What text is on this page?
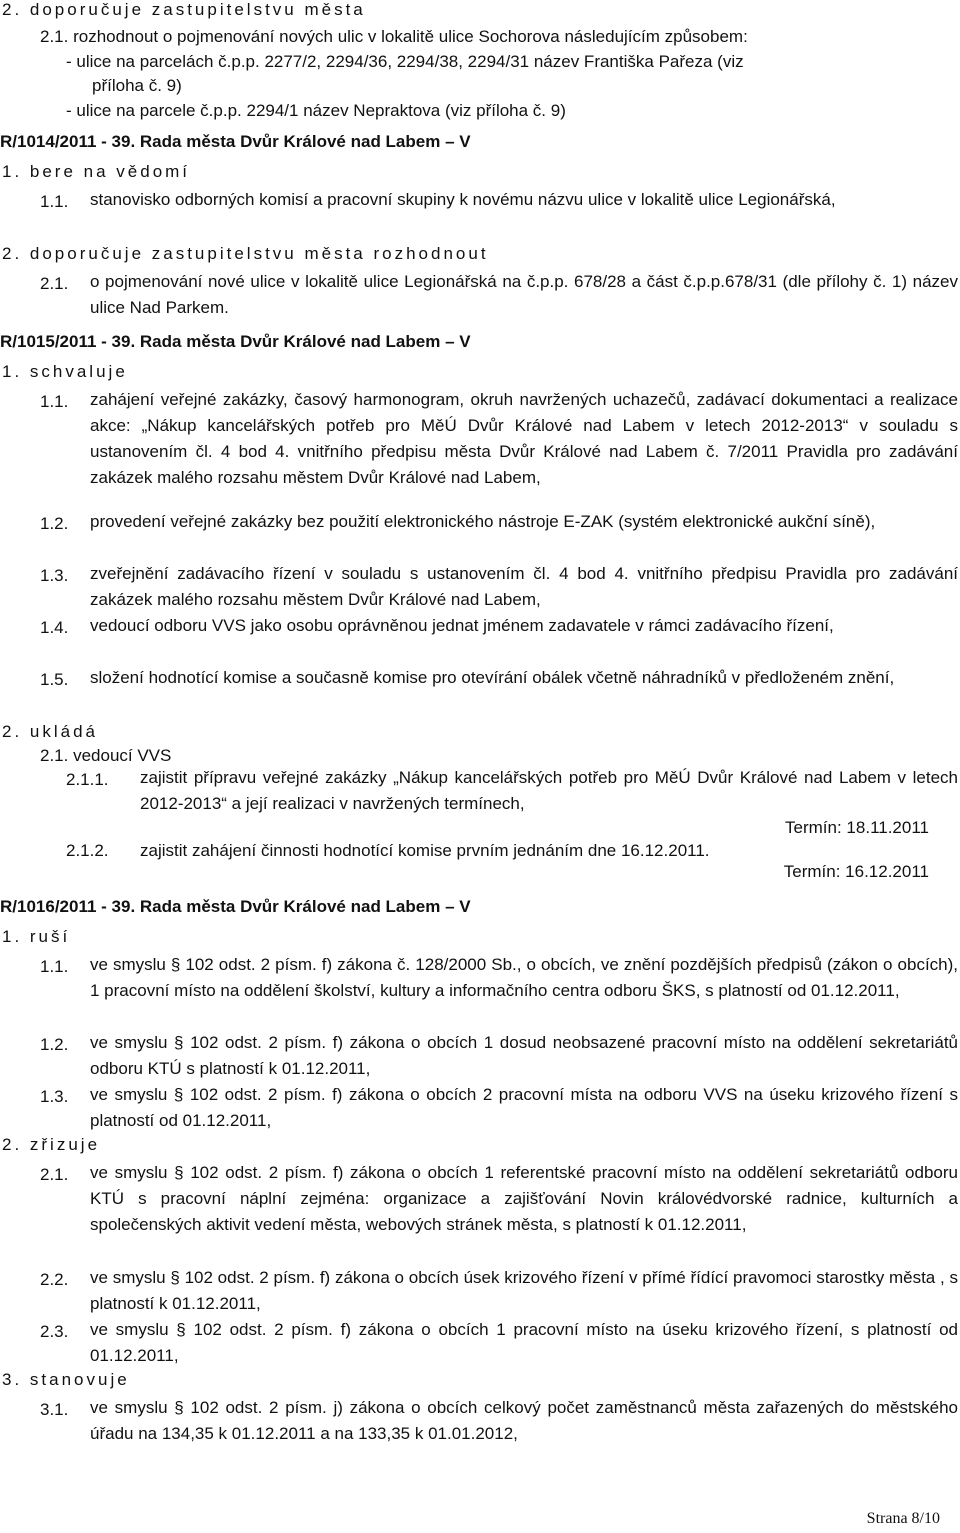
2. doporučuje zastupitelstvu města
2.1. rozhodnout o pojmenování nových ulic v lokalitě ulice Sochorova následujícím způsobem:
- ulice na parcelách č.p.p. 2277/2, 2294/36, 2294/38, 2294/31 název Františka Pařeza (viz
příloha č. 9)
- ulice na parcele č.p.p. 2294/1 název Nepraktova (viz příloha č. 9)
R/1014/2011 - 39. Rada města Dvůr Králové nad Labem – V
1. bere na vědomí
1.1. stanovisko odborných komisí a pracovní skupiny k novému názvu ulice v lokalitě ulice Legionářská,
2. doporučuje zastupitelstvu města rozhodnout
2.1. o pojmenování nové ulice v lokalitě ulice Legionářská na č.p.p. 678/28 a část č.p.p.678/31 (dle přílohy č. 1) název ulice Nad Parkem.
R/1015/2011 - 39. Rada města Dvůr Králové nad Labem – V
1. schvaluje
1.1. zahájení veřejné zakázky, časový harmonogram, okruh navržených uchazečů, zadávací dokumentaci a realizace akce: „Nákup kancelářských potřeb pro MěÚ Dvůr Králové nad Labem v letech 2012-2013“ v souladu s ustanovením čl. 4 bod 4. vnitřního předpisu města Dvůr Králové nad Labem č. 7/2011 Pravidla pro zadávání zakázek malého rozsahu městem Dvůr Králové nad Labem,
1.2. provedení veřejné zakázky bez použití elektronického nástroje E-ZAK (systém elektronické aukční síně),
1.3. zveřejnění zadávacího řízení v souladu s ustanovením čl. 4 bod 4. vnitřního předpisu Pravidla pro zadávání zakázek malého rozsahu městem Dvůr Králové nad Labem,
1.4. vedoucí odboru VVS jako osobu oprávněnou jednat jménem zadavatele v rámci zadávacího řízení,
1.5. složení hodnotící komise a současně komise pro otevírání obálek včetně náhradníků v předloženém znění,
2. ukládá
2.1. vedoucí VVS
2.1.1. zajistit přípravu veřejné zakázky „Nákup kancelářských potřeb pro MěÚ Dvůr Králové nad Labem v letech 2012-2013“ a její realizaci v navržených termínech,
Termín: 18.11.2011
2.1.2. zajistit zahájení činnosti hodnotící komise prvním jednáním dne 16.12.2011.
Termín: 16.12.2011
R/1016/2011 - 39. Rada města Dvůr Králové nad Labem – V
1. ruší
1.1. ve smyslu § 102 odst. 2 písm. f) zákona č. 128/2000 Sb., o obcích, ve znění pozdějších předpisů (zákon o obcích), 1 pracovní místo na oddělení školství, kultury a informačního centra odboru ŠKS, s platností od 01.12.2011,
1.2. ve smyslu § 102 odst. 2 písm. f) zákona o obcích 1 dosud neobsazené pracovní místo na oddělení sekretariátů odboru KTÚ s platností k 01.12.2011,
1.3. ve smyslu § 102 odst. 2 písm. f) zákona o obcích 2 pracovní místa na odboru VVS na úseku krizového řízení s platností od 01.12.2011,
2. zřizuje
2.1. ve smyslu § 102 odst. 2 písm. f) zákona o obcích 1 referentské pracovní místo na oddělení sekretariátů odboru KTÚ s pracovní náplní zejména: organizace a zajišťování Novin královédvorské radnice, kulturních a společenských aktivit vedení města, webových stránek města, s platností k 01.12.2011,
2.2. ve smyslu § 102 odst. 2 písm. f) zákona o obcích úsek krizového řízení v přímé řídící pravomoci starostky města , s platností k 01.12.2011,
2.3. ve smyslu § 102 odst. 2 písm. f) zákona o obcích 1 pracovní místo na úseku krizového řízení, s platností od 01.12.2011,
3. stanovuje
3.1. ve smyslu § 102 odst. 2 písm. j) zákona o obcích celkový počet zaměstnanců města zařazených do městského úřadu na 134,35 k 01.12.2011 a na 133,35 k 01.01.2012,
Strana 8/10
